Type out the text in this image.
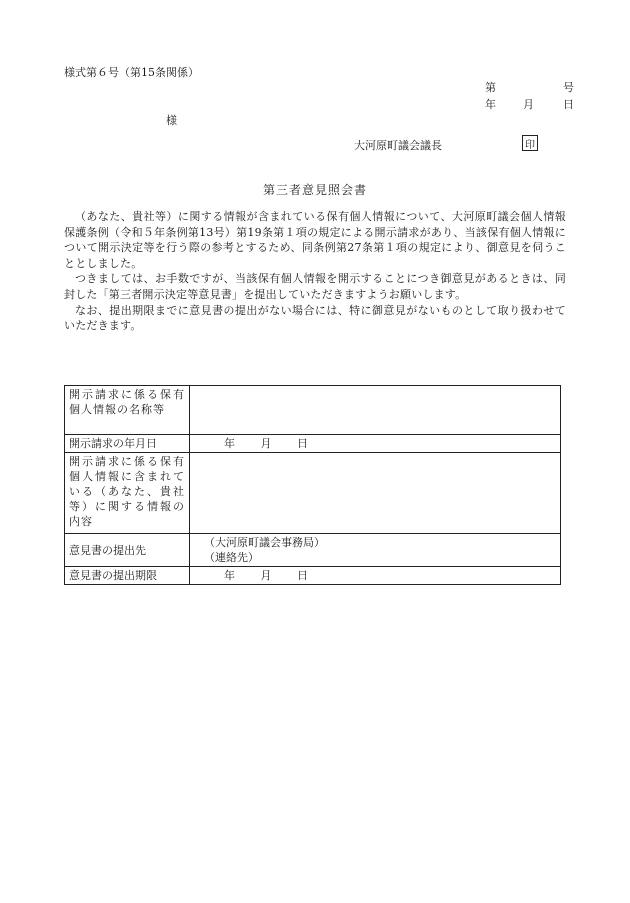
様式第６号（第15条関係）
第	号
年 月	日
様
大河原町議会議長	印
第三者意見照会書

（あなた、貴社等）に関する情報が含まれている保有個人情報について、大河原町議会個人情報保護条例（令和５年条例第13号）第19条第１項の規定による開示請求があり、当該保有個人情報について開示決定等を行う際の参考とするため、同条例第27条第１項の規定により、御意見を伺うこととしました。

つきましては、お手数ですが、当該保有個人情報を開示することにつき御意見があるときは、同封した「第三者開示決定等意見書」を提出していただきますようお願いします。

なお、提出期限までに意見書の提出がない場合には、特に御意見がないものとして取り扱わせていただきます。

開示請求に係る保有個人情報の名称等	
開示請求の年月日	年 月 日
開示請求に係る保有個人情報に含まれている（あなた、貴社等）に関する情報の内容	
意見書の提出先	（大河原町議会事務局）
（連絡先）

意見書の提出期限	年 月 日
